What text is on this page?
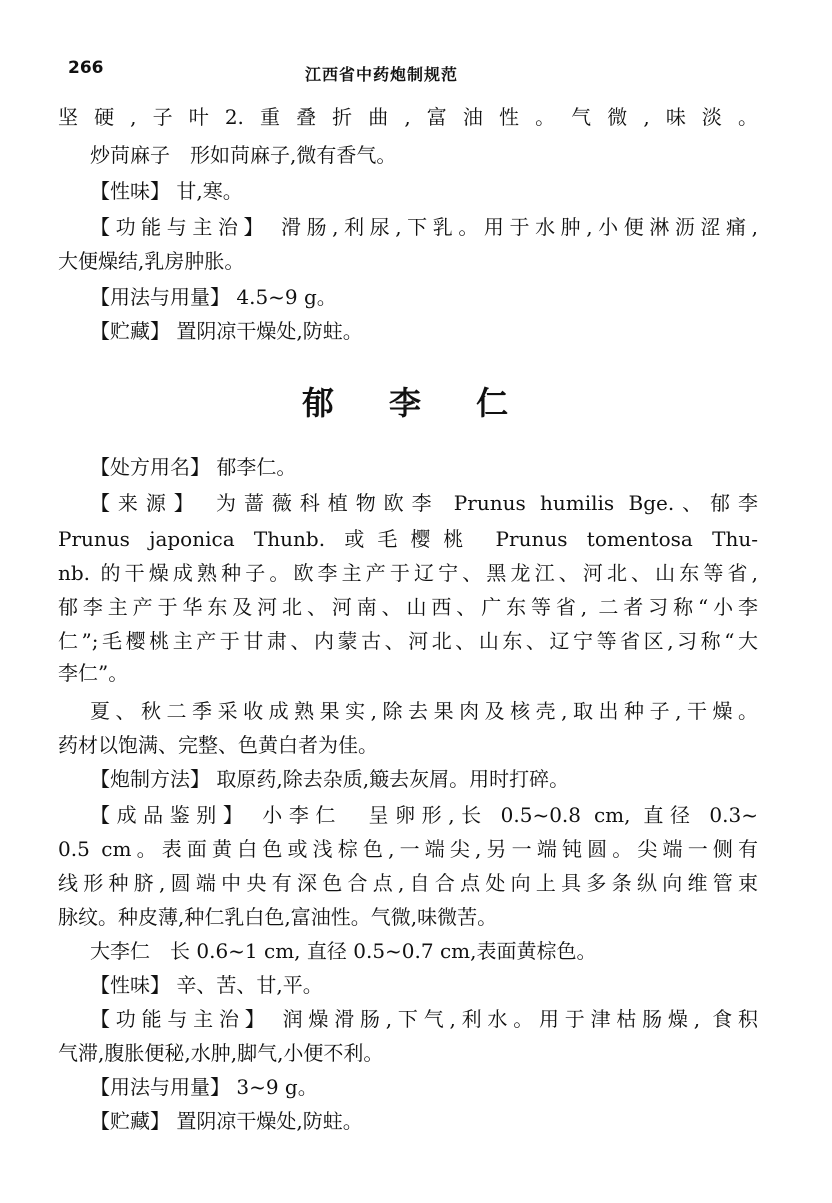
266	江西省中药炮制规范
坚硬,子叶2.重叠折曲,富油性。气微,味淡。
炒苘麻子　形如苘麻子,微有香气。
【性味】 甘,寒。
【功能与主治】 滑肠,利尿,下乳。用于水肿,小便淋沥涩痛,
大便燥结,乳房肿胀。
【用法与用量】 4.5~9 g。
【贮藏】 置阴凉干燥处,防蛀。
郁 李 仁
【处方用名】 郁李仁。
【来源】 为蔷薇科植物欧李 Prunus humilis Bge.、郁李
Prunus japonica Thunb. 或毛樱桃 Prunus tomentosa Thu-
nb. 的干燥成熟种子。欧李主产于辽宁、黑龙江、河北、山东等省,
郁李主产于华东及河北、河南、山西、广东等省, 二者习称“小李
仁”;毛樱桃主产于甘肃、内蒙古、河北、山东、辽宁等省区,习称“大
李仁”。
夏、秋二季采收成熟果实,除去果肉及核壳,取出种子,干燥。
药材以饱满、完整、色黄白者为佳。
【炮制方法】 取原药,除去杂质,簸去灰屑。用时打碎。
【成品鉴别】 小李仁　呈卵形,长 0.5~0.8 cm, 直径 0.3~
0.5 cm。表面黄白色或浅棕色,一端尖,另一端钝圆。尖端一侧有
线形种脐,圆端中央有深色合点,自合点处向上具多条纵向维管束
脉纹。种皮薄,种仁乳白色,富油性。气微,味微苦。
大李仁　长 0.6~1 cm, 直径 0.5~0.7 cm,表面黄棕色。
【性味】 辛、苦、甘,平。
【功能与主治】 润燥滑肠,下气,利水。用于津枯肠燥, 食积
气滞,腹胀便秘,水肿,脚气,小便不利。
【用法与用量】 3~9 g。
【贮藏】 置阴凉干燥处,防蛀。
